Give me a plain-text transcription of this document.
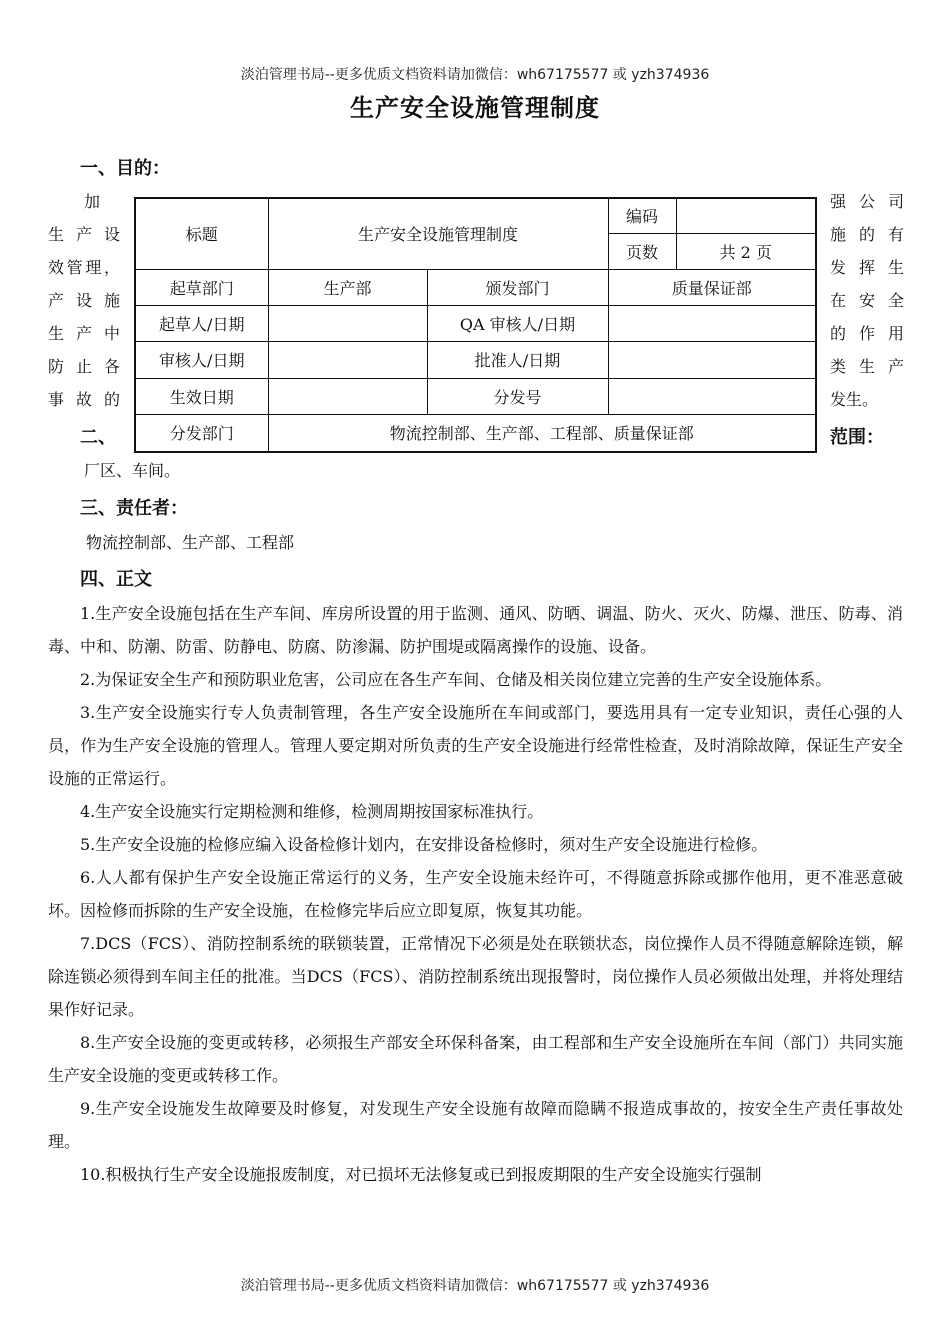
淡泊管理书局--更多优质文档资料请加微信：wh67175577 或 yzh374936
生产安全设施管理制度
一、目的：
加
生 产 设
效管理，
产 设 施
生 产 中
防 止 各
事 故 的
强 公 司
施 的 有
发 挥 生
在 安 全
的 作 用
类 生 产
发生。
标题	生产安全设施管理制度		编码	
			页数	共 2 页
起草部门	生产部	颁发部门	质量保证部	
起草人/日期		QA 审核人/日期		
审核人/日期		批准人/日期		
生效日期		分发号		
分发部门	物流控制部、生产部、工程部、质量保证部			
二、	范围：
厂区、车间。
三、责任者：
物流控制部、生产部、工程部
四、正文

1.生产安全设施包括在生产车间、库房所设置的用于监测、通风、防晒、调温、防火、灭火、防爆、泄压、防毒、消毒、中和、防潮、防雷、防静电、防腐、防渗漏、防护围堤或隔离操作的设施、设备。

2.为保证安全生产和预防职业危害，公司应在各生产车间、仓储及相关岗位建立完善的生产安全设施体系。

3.生产安全设施实行专人负责制管理，各生产安全设施所在车间或部门，要选用具有一定专业知识，责任心强的人员，作为生产安全设施的管理人。管理人要定期对所负责的生产安全设施进行经常性检查，及时消除故障，保证生产安全设施的正常运行。

4.生产安全设施实行定期检测和维修，检测周期按国家标准执行。

5.生产安全设施的检修应编入设备检修计划内，在安排设备检修时，须对生产安全设施进行检修。

6.人人都有保护生产安全设施正常运行的义务，生产安全设施未经许可，不得随意拆除或挪作他用，更不准恶意破坏。因检修而拆除的生产安全设施，在检修完毕后应立即复原，恢复其功能。

7.DCS（FCS）、消防控制系统的联锁装置，正常情况下必须是处在联锁状态，岗位操作人员不得随意解除连锁，解除连锁必须得到车间主任的批准。当DCS（FCS）、消防控制系统出现报警时，岗位操作人员必须做出处理，并将处理结果作好记录。

8.生产安全设施的变更或转移，必须报生产部安全环保科备案，由工程部和生产安全设施所在车间（部门）共同实施生产安全设施的变更或转移工作。

9.生产安全设施发生故障要及时修复，对发现生产安全设施有故障而隐瞒不报造成事故的，按安全生产责任事故处理。

10.积极执行生产安全设施报废制度，对已损坏无法修复或已到报废期限的生产安全设施实行强制

淡泊管理书局--更多优质文档资料请加微信：wh67175577 或 yzh374936
